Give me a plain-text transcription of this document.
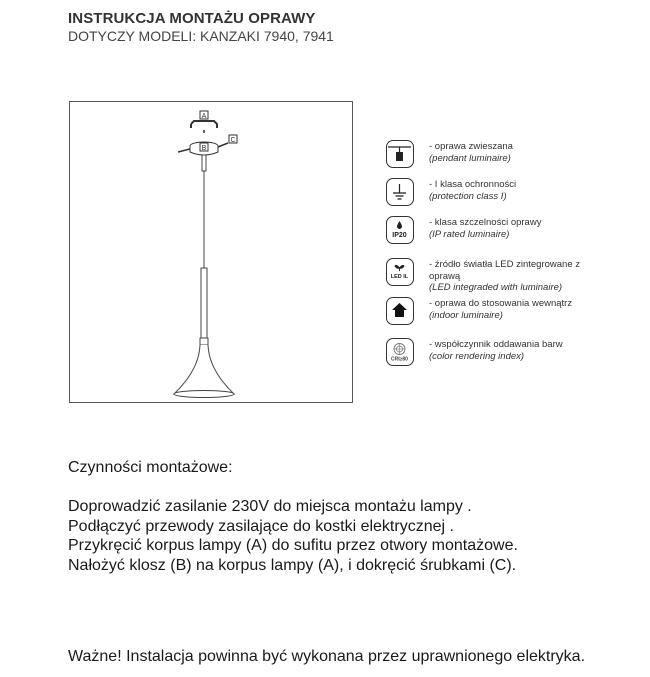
INSTRUKCJA MONTAŻU OPRAWY
DOTYCZY MODELI: KANZAKI 7940, 7941
A
B
C
- oprawa zwieszana
(pendant luminaire)
- I klasa ochronności
(protection class I)
IP20
- klasa szczelności oprawy
(IP rated luminaire)
LED IL
- źródło światła LED zintegrowane z oprawą
(LED integraded with luminaire)
- oprawa do stosowania wewnątrz
(indoor luminaire)
CRI≥80
- współczynnik oddawania barw
(color rendering index)
Czynności montażowe:
Doprowadzić zasilanie 230V do miejsca montażu lampy .
Podłączyć przewody zasilające do kostki elektrycznej .
Przykręcić korpus lampy (A) do sufitu przez otwory montażowe.
Nałożyć klosz (B) na korpus lampy (A), i dokręcić śrubkami (C).
Ważne! Instalacja powinna być wykonana przez uprawnionego elektryka.
